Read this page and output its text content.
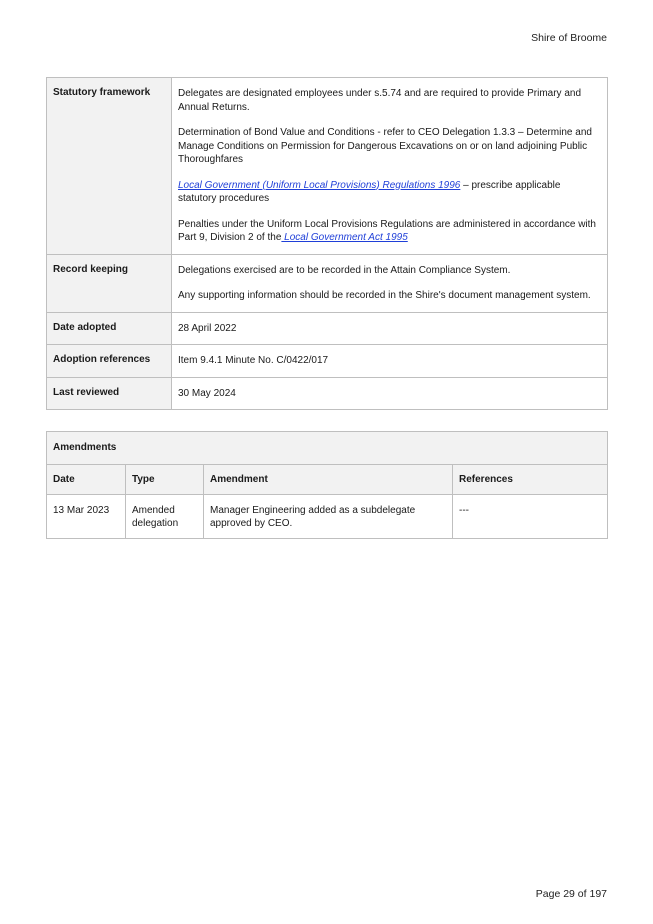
Shire of Broome
Statutory framework	Delegates are designated employees under s.5.74 and are required to provide Primary and Annual Returns.

Determination of Bond Value and Conditions - refer to CEO Delegation 1.3.3 – Determine and Manage Conditions on Permission for Dangerous Excavations on or on land adjoining Public Thoroughfares

Local Government (Uniform Local Provisions) Regulations 1996 – prescribe applicable statutory procedures

Penalties under the Uniform Local Provisions Regulations are administered in accordance with Part 9, Division 2 of the Local Government Act 1995

Record keeping	Delegations exercised are to be recorded in the Attain Compliance System.

Any supporting information should be recorded in the Shire's document management system.

Date adopted	28 April 2022
Adoption references	Item 9.4.1 Minute No. C/0422/017
Last reviewed	30 May 2024
Amendments			
Date	Type	Amendment	References
13 Mar 2023	Amended delegation	Manager Engineering added as a subdelegate approved by CEO.	---
Page 29 of 197
